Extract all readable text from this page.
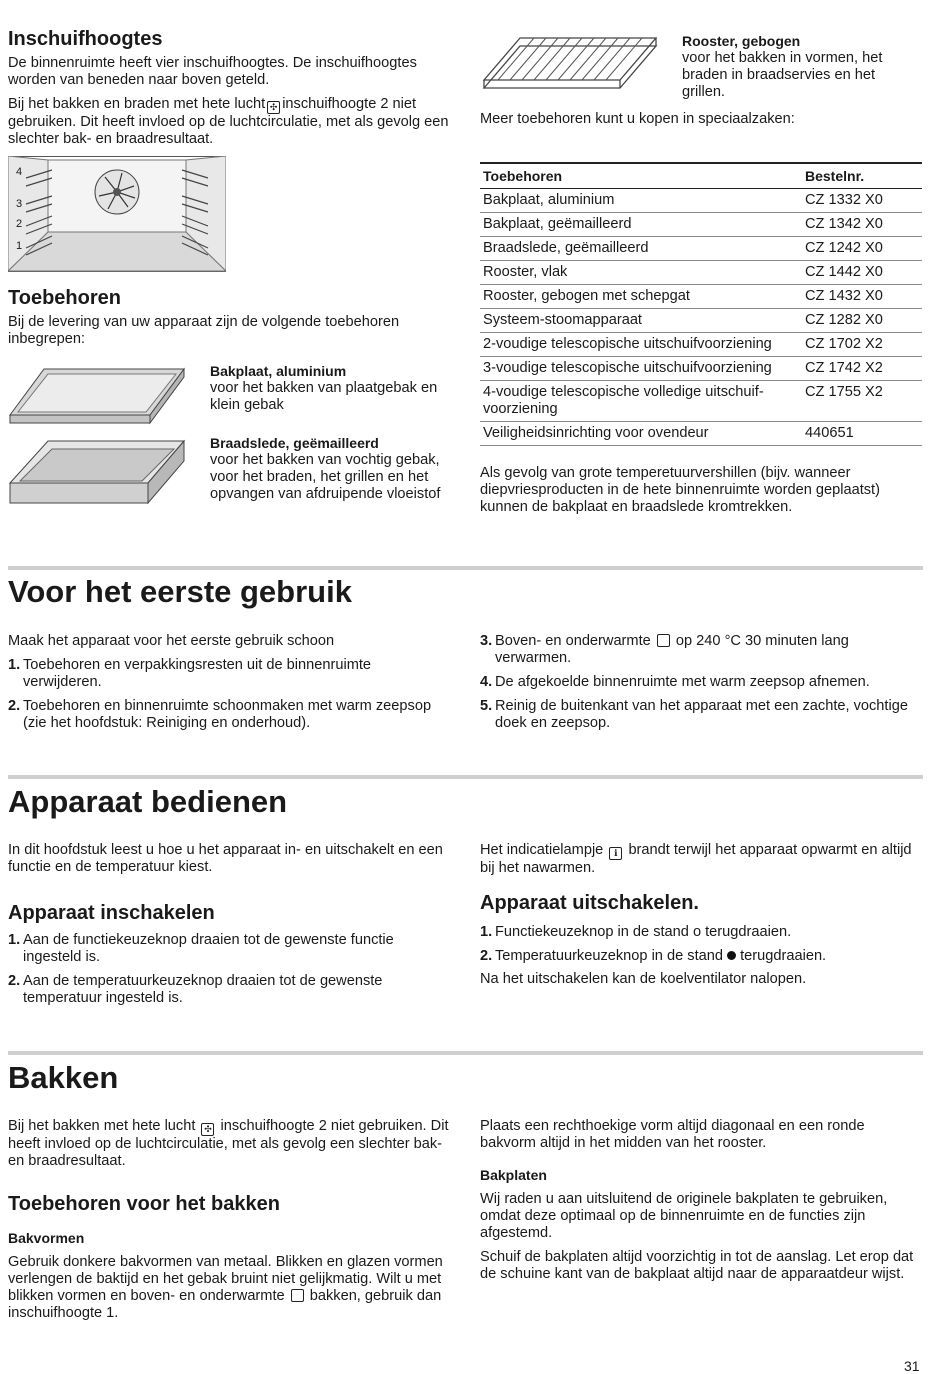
Inschuifhoogtes

De binnenruimte heeft vier inschuifhoogtes. De inschuifhoogtes worden van beneden naar boven geteld.

Bij het bakken en braden met hete lucht ✣ inschuifhoogte 2 niet gebruiken. Dit heeft invloed op de luchtcirculatie, met als gevolg een slechter bak- en braadresultaat.

4
3
2
1
Toebehoren

Bij de levering van uw apparaat zijn de volgende toebehoren inbegrepen:

Bakplaat, aluminium

voor het bakken van plaatgebak en klein gebak

Braadslede, geëmailleerd

voor het bakken van vochtig gebak, voor het braden, het grillen en het opvangen van afdruipende vloeistof

Rooster, gebogen

voor het bakken in vormen, het braden in braadservies en het grillen.

Meer toebehoren kunt u kopen in speciaalzaken:

Toebehoren	Bestelnr.
Bakplaat, aluminium	CZ 1332 X0
Bakplaat, geëmailleerd	CZ 1342 X0
Braadslede, geëmailleerd	CZ 1242 X0
Rooster, vlak	CZ 1442 X0
Rooster, gebogen met schepgat	CZ 1432 X0
Systeem-stoomapparaat	CZ 1282 X0
2-voudige telescopische uitschuifvoorziening	CZ 1702 X2
3-voudige telescopische uitschuifvoorziening	CZ 1742 X2
4-voudige telescopische volledige uitschuif-voorziening	CZ 1755 X2
Veiligheidsinrichting voor ovendeur	440651

Als gevolg van grote temperetuurvershillen (bijv. wanneer diepvriesproducten in de hete binnenruimte worden geplaatst) kunnen de bakplaat en braadslede kromtrekken.

Voor het eerste gebruik

Maak het apparaat voor het eerste gebruik schoon

1. Toebehoren en verpakkingsresten uit de binnenruimte verwijderen.
2. Toebehoren en binnenruimte schoonmaken met warm zeepsop (zie het hoofdstuk: Reiniging en onderhoud).
3. Boven- en onderwarmte op 240 °C 30 minuten lang verwarmen.
4. De afgekoelde binnenruimte met warm zeepsop afnemen.
5. Reinig de buitenkant van het apparaat met een zachte, vochtige doek en zeepsop.
Apparaat bedienen

In dit hoofdstuk leest u hoe u het apparaat in- en uitschakelt en een functie en de temperatuur kiest.

Apparaat inschakelen
1. Aan de functiekeuzeknop draaien tot de gewenste functie ingesteld is.
2. Aan de temperatuurkeuzeknop draaien tot de gewenste temperatuur ingesteld is.

Het indicatielampje ℹ brandt terwijl het apparaat opwarmt en altijd bij het nawarmen.

Apparaat uitschakelen.
1. Functiekeuzeknop in de stand o terugdraaien.
2. Temperatuurkeuzeknop in de stand terugdraaien.

Na het uitschakelen kan de koelventilator nalopen.

Bakken

Bij het bakken met hete lucht ✣ inschuifhoogte 2 niet gebruiken. Dit heeft invloed op de luchtcirculatie, met als gevolg een slechter bak- en braadresultaat.

Toebehoren voor het bakken
Bakvormen

Gebruik donkere bakvormen van metaal. Blikken en glazen vormen verlengen de baktijd en het gebak bruint niet gelijkmatig. Wilt u met blikken vormen en boven- en onderwarmte bakken, gebruik dan inschuifhoogte 1.

Plaats een rechthoekige vorm altijd diagonaal en een ronde bakvorm altijd in het midden van het rooster.

Bakplaten

Wij raden u aan uitsluitend de originele bakplaten te gebruiken, omdat deze optimaal op de binnenruimte en de functies zijn afgestemd.

Schuif de bakplaten altijd voorzichtig in tot de aanslag. Let erop dat de schuine kant van de bakplaat altijd naar de apparaatdeur wijst.

31
